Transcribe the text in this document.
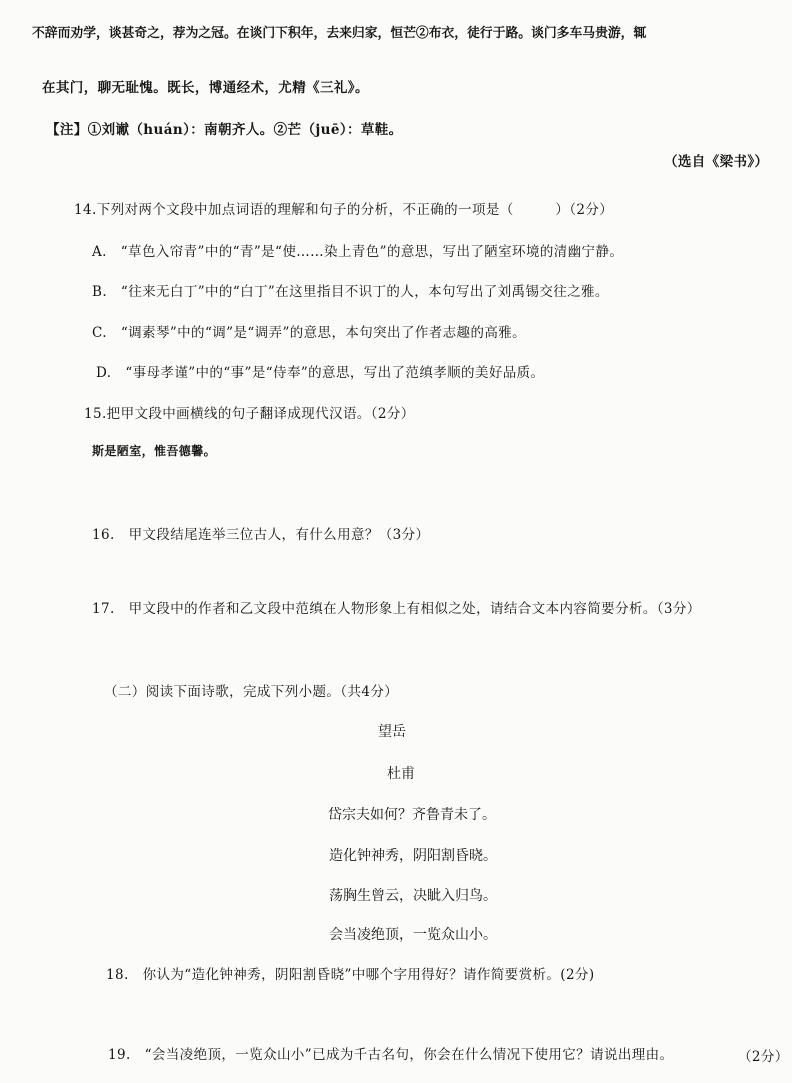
不辞而劝学，谈甚奇之，荐为之冠。在谈门下积年，去来归家，恒芒②布衣，徒行于路。谈门多车马贵游，辄
在其门，聊无耻愧。既长，博通经术，尤精《三礼》。
【注】①刘谳（huán）：南朝齐人。②芒（juē）：草鞋。
（选自《梁书》）
14.下列对两个文段中加点词语的理解和句子的分析，不正确的一项是（　　　）（2分）
A.　“草色入帘青”中的“青”是“使……染上青色”的意思，写出了陋室环境的清幽宁静。
B.　“往来无白丁”中的“白丁”在这里指目不识丁的人，本句写出了刘禹锡交往之雅。
C.　“调素琴”中的“调”是“调弄”的意思，本句突出了作者志趣的高雅。
D.　“事母孝谨”中的“事”是“侍奉”的意思，写出了范缜孝顺的美好品质。
15.把甲文段中画横线的句子翻译成现代汉语。（2分）
斯是陋室，惟吾德馨。
16.　甲文段结尾连举三位古人，有什么用意？（3分）
17.　甲文段中的作者和乙文段中范缜在人物形象上有相似之处，请结合文本内容简要分析。（3分）
（二）阅读下面诗歌，完成下列小题。（共4分）
望岳
杜甫
岱宗夫如何？齐鲁青未了。
造化钟神秀，阴阳割昏晓。
荡胸生曾云，决眦入归鸟。
会当凌绝顶，一览众山小。
18.　你认为“造化钟神秀，阴阳割昏晓”中哪个字用得好？请作简要赏析。(2分)
19.　“会当凌绝顶，一览众山小”已成为千古名句，你会在什么情况下使用它？请说出理由。	（2分）
